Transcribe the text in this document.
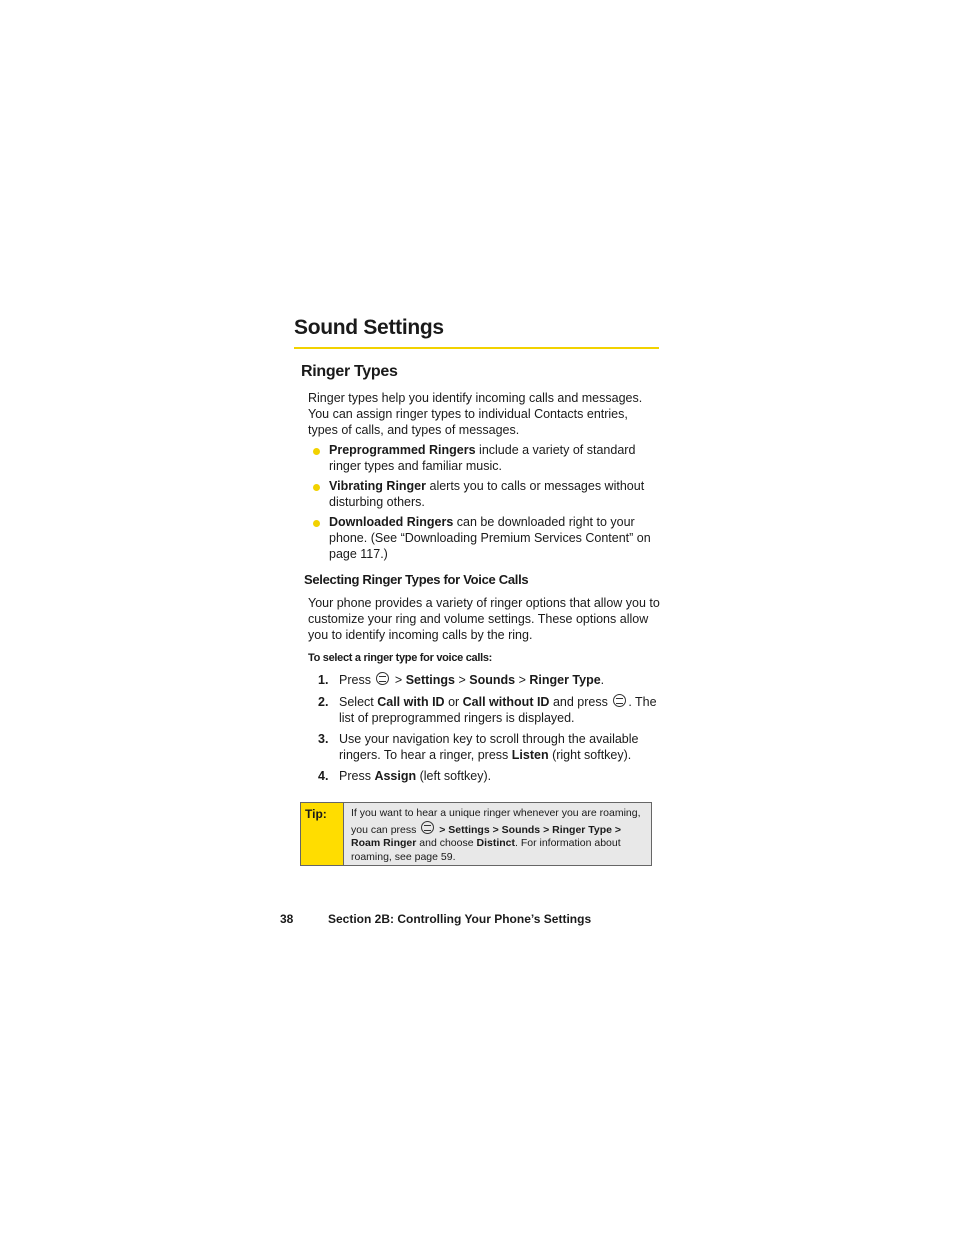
Sound Settings
Ringer Types

Ringer types help you identify incoming calls and messages. You can assign ringer types to individual Contacts entries, types of calls, and types of messages.

Preprogrammed Ringers include a variety of standard ringer types and familiar music.
Vibrating Ringer alerts you to calls or messages without disturbing others.
Downloaded Ringers can be downloaded right to your phone. (See “Downloading Premium Services Content” on page 117.)
Selecting Ringer Types for Voice Calls

Your phone provides a variety of ringer options that allow you to customize your ring and volume settings. These options allow you to identify incoming calls by the ring.

To select a ringer type for voice calls:
1. Press  > Settings > Sounds > Ringer Type.
2. Select Call with ID or Call without ID and press . The list of preprogrammed ringers is displayed.
3. Use your navigation key to scroll through the available ringers. To hear a ringer, press Listen (right softkey).
4. Press Assign (left softkey).
Tip:	If you want to hear a unique ringer whenever you are roaming, you can press  > Settings > Sounds > Ringer Type > Roam Ringer and choose Distinct. For information about roaming, see page 59.
38	Section 2B: Controlling Your Phone’s Settings
